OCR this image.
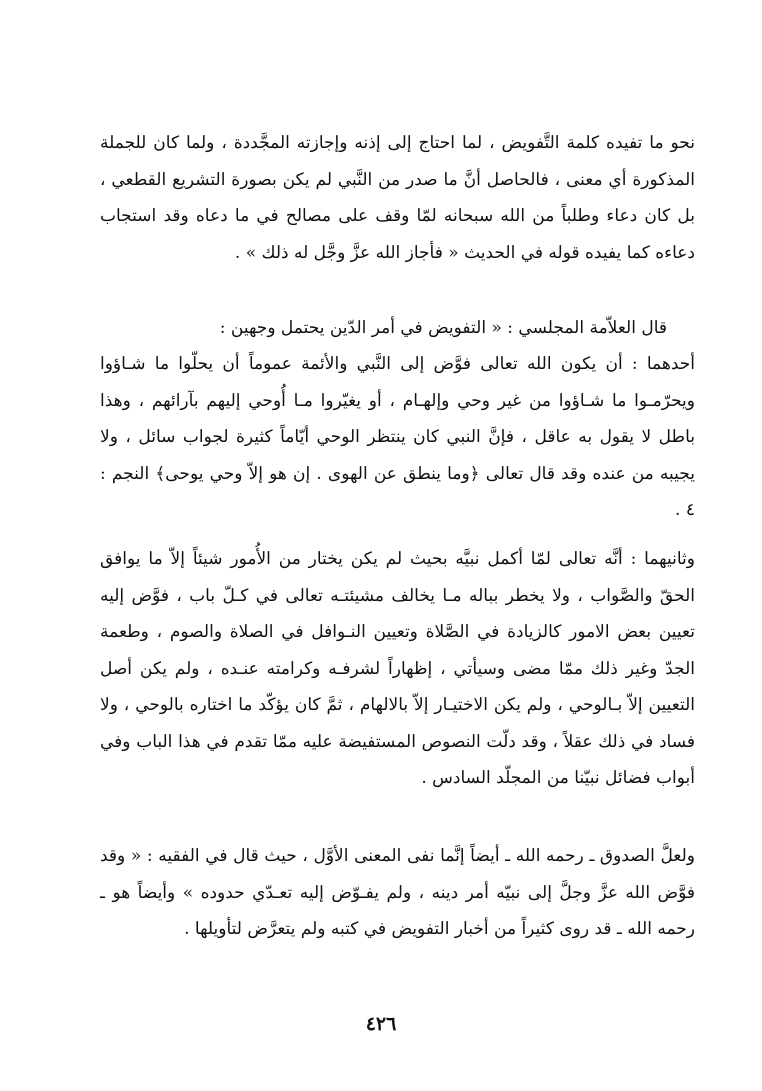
نحو ما تفيده كلمة التَّفويض ، لما احتاج إلى إذنه وإجازته المجَّددة ، ولما كان للجملة المذكورة أي معنى ، فالحاصل أنَّ ما صدر من النَّبي لم يكن بصورة التشريع القطعي ، بل كان دعاء وطلباً من الله سبحانه لمّا وقف على مصالح في ما دعاه وقد استجاب دعاءه كما يفيده قوله في الحديث « فأجاز الله عزَّ وجَّل له ذلك » .
قال العلاّمة المجلسي : « التفويض في أمر الدّين يحتمل وجهين :
أحدهما : أن يكون الله تعالى فوَّض إلى النَّبي والأئمة عموماً أن يحلّوا ما شـاؤوا ويحرّمـوا ما شـاؤوا من غير وحي وإلهـام ، أو يغيّروا مـا أُوحي إليهم بآرائهم ، وهذا باطل لا يقول به عاقل ، فإنَّ النبي كان ينتظر الوحي أيّاماً كثيرة لجواب سائل ، ولا يجيبه من عنده وقد قال تعالى ﴿وما ينطق عن الهوى . إن هو إلاّ وحي يوحى﴾ النجم : ٤ .
وثانيهما : أنَّه تعالى لمّا أكمل نبيَّه بحيث لم يكن يختار من الأُمور شيئاً إلاّ ما يوافق الحقّ والصَّواب ، ولا يخطر بباله مـا يخالف مشيئتـه تعالى في كـلّ باب ، فوَّض إليه تعيين بعض الامور كالزيادة في الصَّلاة وتعيين النـوافل في الصلاة والصوم ، وطعمة الجدّ وغير ذلك ممّا مضى وسيأتي ، إظهاراً لشرفـه وكرامته عنـده ، ولم يكن أصل التعيين إلاّ بـالوحي ، ولم يكن الاختيـار إلاّ بالالهام ، ثمَّ كان يؤكّد ما اختاره بالوحي ، ولا فساد في ذلك عقلاً ، وقد دلّت النصوص المستفيضة عليه ممّا تقدم في هذا الباب وفي أبواب فضائل نبيّنا من المجلّد السادس .
ولعلَّ الصدوق ـ رحمه الله ـ أيضاً إنَّما نفى المعنى الأوَّل ، حيث قال في الفقيه : « وقد فوَّض الله عزَّ وجلَّ إلى نبيّه أمر دينه ، ولم يفـوّض إليه تعـدّي حدوده » وأيضاً هو ـ رحمه الله ـ قد روى كثيراً من أخبار التفويض في كتبه ولم يتعرَّض لتأويلها .
٤٢٦
